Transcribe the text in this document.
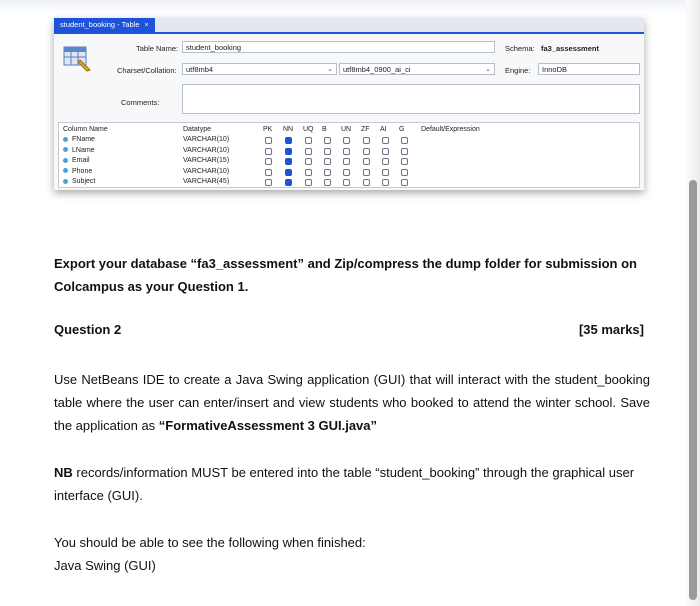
student_booking - Table ×
Table Name:	student_booking	Schema: fa3_assessment
Charset/Collation:	utf8mb4	⌄	utf8mb4_0900_ai_ci	⌄ Engine:	InnoDB
Comments:
Column Name	Datatype	PK NN UQ B UN ZF AI G Default/Expression
FName	VARCHAR(10)
LName	VARCHAR(10)
Email	VARCHAR(15)
Phone	VARCHAR(10)
Subject	VARCHAR(45)
Export your database “fa3_assessment” and Zip/compress the dump folder for submission on Colcampus as your Question 1.
Question 2	[35 marks]
Use NetBeans IDE to create a Java Swing application (GUI) that will interact with the student_booking table where the user can enter/insert and view students who booked to attend the winter school. Save the application as “FormativeAssessment 3 GUI.java”
NB records/information MUST be entered into the table “student_booking” through the graphical user interface (GUI).
You should be able to see the following when finished:
Java Swing (GUI)
